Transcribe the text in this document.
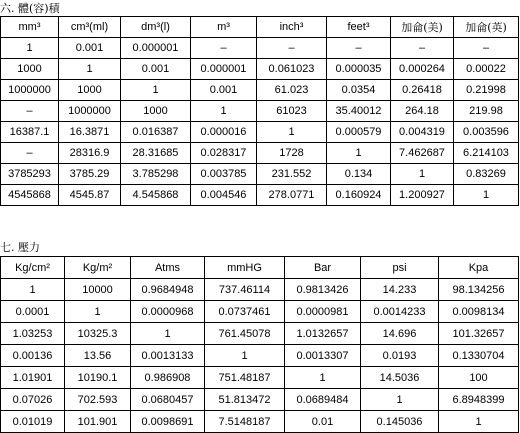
六. 體(容)積
mm³	cm³(ml)	dm³(l)	m³	inch³	feet³	加侖(美)	加侖(英)
1	0.001	0.000001	–	–	–	–	–
1000	1	0.001	0.000001	0.061023	0.000035	0.000264	0.00022
1000000	1000	1	0.001	61.023	0.0354	0.26418	0.21998
–	1000000	1000	1	61023	35.40012	264.18	219.98
16387.1	16.3871	0.016387	0.000016	1	0.000579	0.004319	0.003596
–	28316.9	28.31685	0.028317	1728	1	7.462687	6.214103
3785293	3785.29	3.785298	0.003785	231.552	0.134	1	0.83269
4545868	4545.87	4.545868	0.004546	278.0771	0.160924	1.200927	1
七. 壓力
Kg/cm²	Kg/m²	Atms	mmHG	Bar	psi	Kpa
1	10000	0.9684948	737.46114	0.9813426	14.233	98.134256
0.0001	1	0.0000968	0.0737461	0.0000981	0.0014233	0.0098134
1.03253	10325.3	1	761.45078	1.0132657	14.696	101.32657
0.00136	13.56	0.0013133	1	0.0013307	0.0193	0.1330704
1.01901	10190.1	0.986908	751.48187	1	14.5036	100
0.07026	702.593	0.0680457	51.813472	0.0689484	1	6.8948399
0.01019	101.901	0.0098691	7.5148187	0.01	0.145036	1
